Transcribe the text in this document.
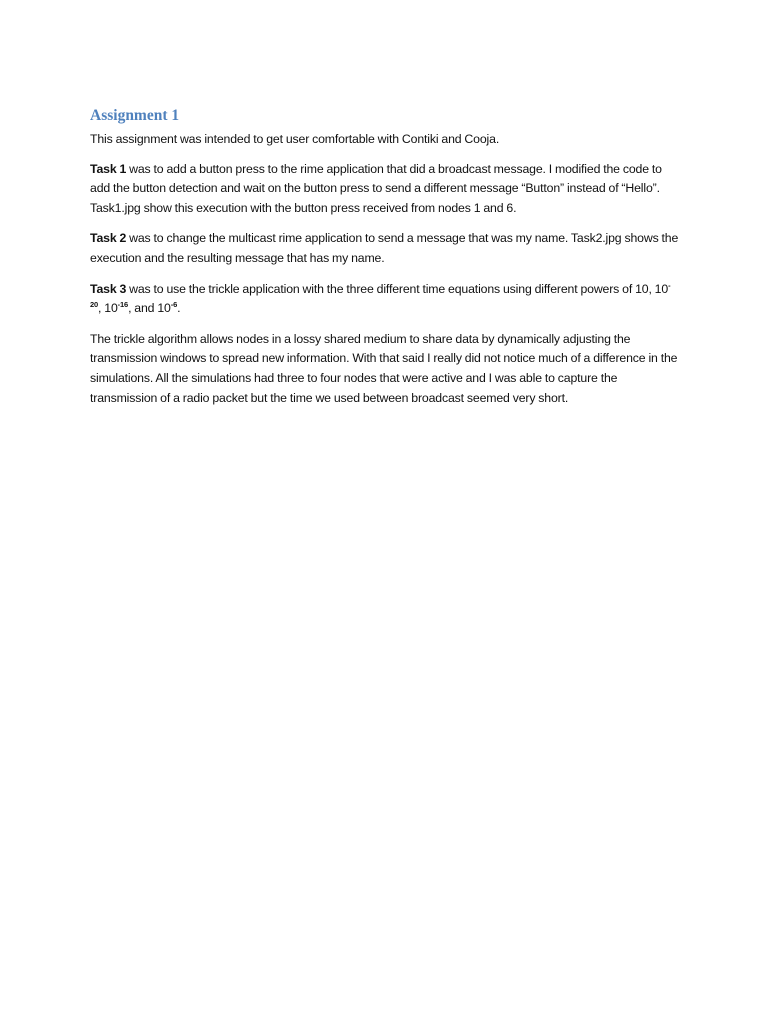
Assignment 1

This assignment was intended to get user comfortable with Contiki and Cooja.

Task 1 was to add a button press to the rime application that did a broadcast message. I modified the code to add the button detection and wait on the button press to send a different message “Button” instead of “Hello”. Task1.jpg show this execution with the button press received from nodes 1 and 6.

Task 2 was to change the multicast rime application to send a message that was my name. Task2.jpg shows the execution and the resulting message that has my name.

Task 3 was to use the trickle application with the three different time equations using different powers of 10, $10^{-20}$, $10^{-16}$, and $10^{-6}$.

The trickle algorithm allows nodes in a lossy shared medium to share data by dynamically adjusting the transmission windows to spread new information. With that said I really did not notice much of a difference in the simulations. All the simulations had three to four nodes that were active and I was able to capture the transmission of a radio packet but the time we used between broadcast seemed very short.
